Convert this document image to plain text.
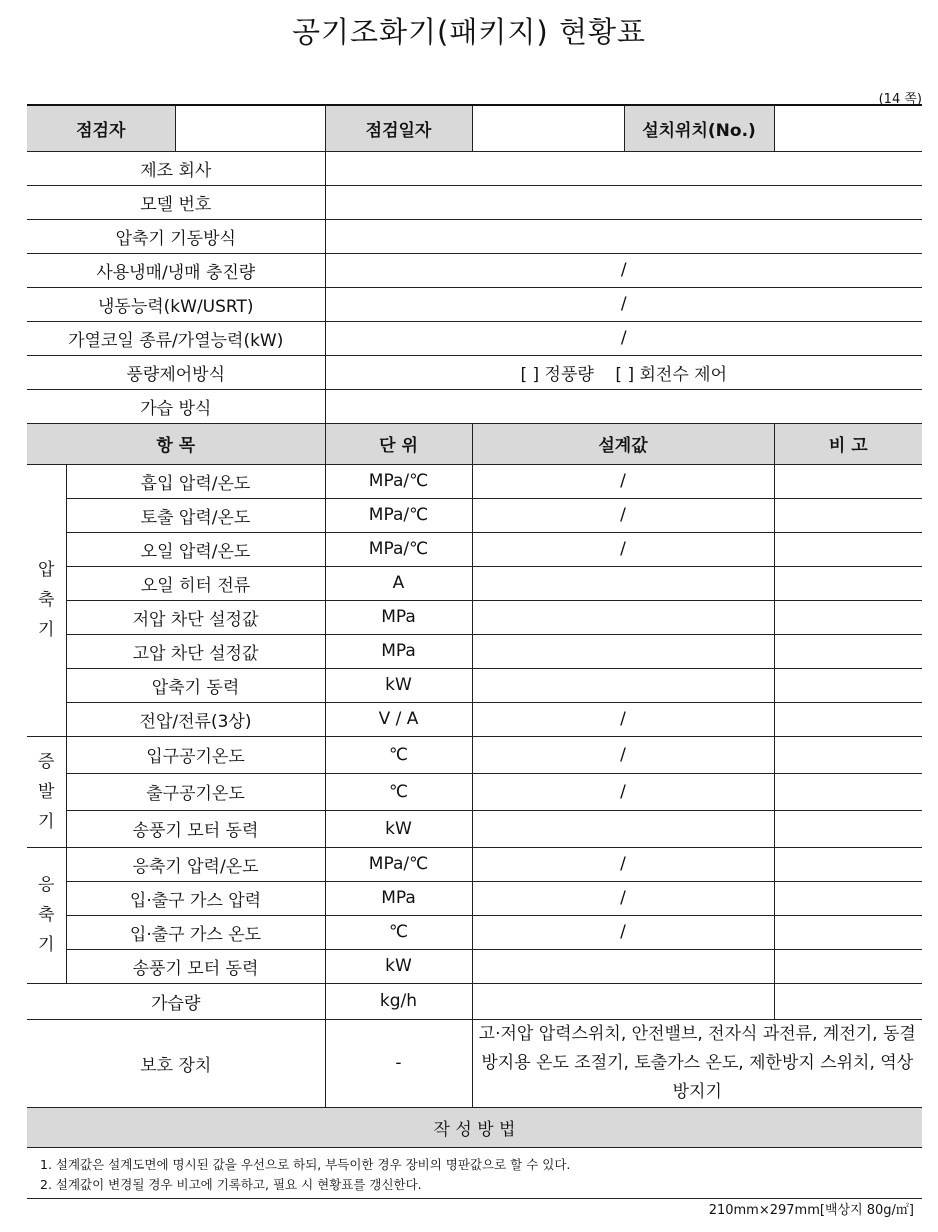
공기조화기(패키지) 현황표
(14 쪽)
점검자			점검일자		설치위치(No.)	
제조 회사						
모델 번호						
압축기 기동방식						
사용냉매/냉매 충진량			/			
냉동능력(kW/USRT)			/			
가열코일 종류/가열능력(kW)			/			
풍량제어방식			[ ] 정풍량    [ ] 회전수 제어			
가습 방식						
항 목			단 위	설계값		비 고
압
축
기	흡입 압력/온도		MPa/℃	/		
	토출 압력/온도		MPa/℃	/		
	오일 압력/온도		MPa/℃	/		
	오일 히터 전류		A			
	저압 차단 설정값		MPa			
	고압 차단 설정값		MPa			
	압축기 동력		kW			
	전압/전류(3상)		V / A	/		
증
발
기	입구공기온도		℃	/		
	출구공기온도		℃	/		
	송풍기 모터 동력		kW			
응
축
기	응축기 압력/온도		MPa/℃	/		
	입·출구 가스 압력		MPa	/		
	입·출구 가스 온도		℃	/		
	송풍기 모터 동력		kW			
가습량			kg/h			
보호 장치			-	고·저압 압력스위치, 안전밸브, 전자식 과전류, 계전기, 동결 방지용 온도 조절기, 토출가스 온도, 제한방지 스위치, 역상 방지기		
작 성 방 법						
1. 설계값은 설계도면에 명시된 값을 우선으로 하되, 부득이한 경우 장비의 명판값으로 할 수 있다.
2. 설계값이 변경될 경우 비고에 기록하고, 필요 시 현황표를 갱신한다.
210mm×297mm[백상지 80g/㎡]
